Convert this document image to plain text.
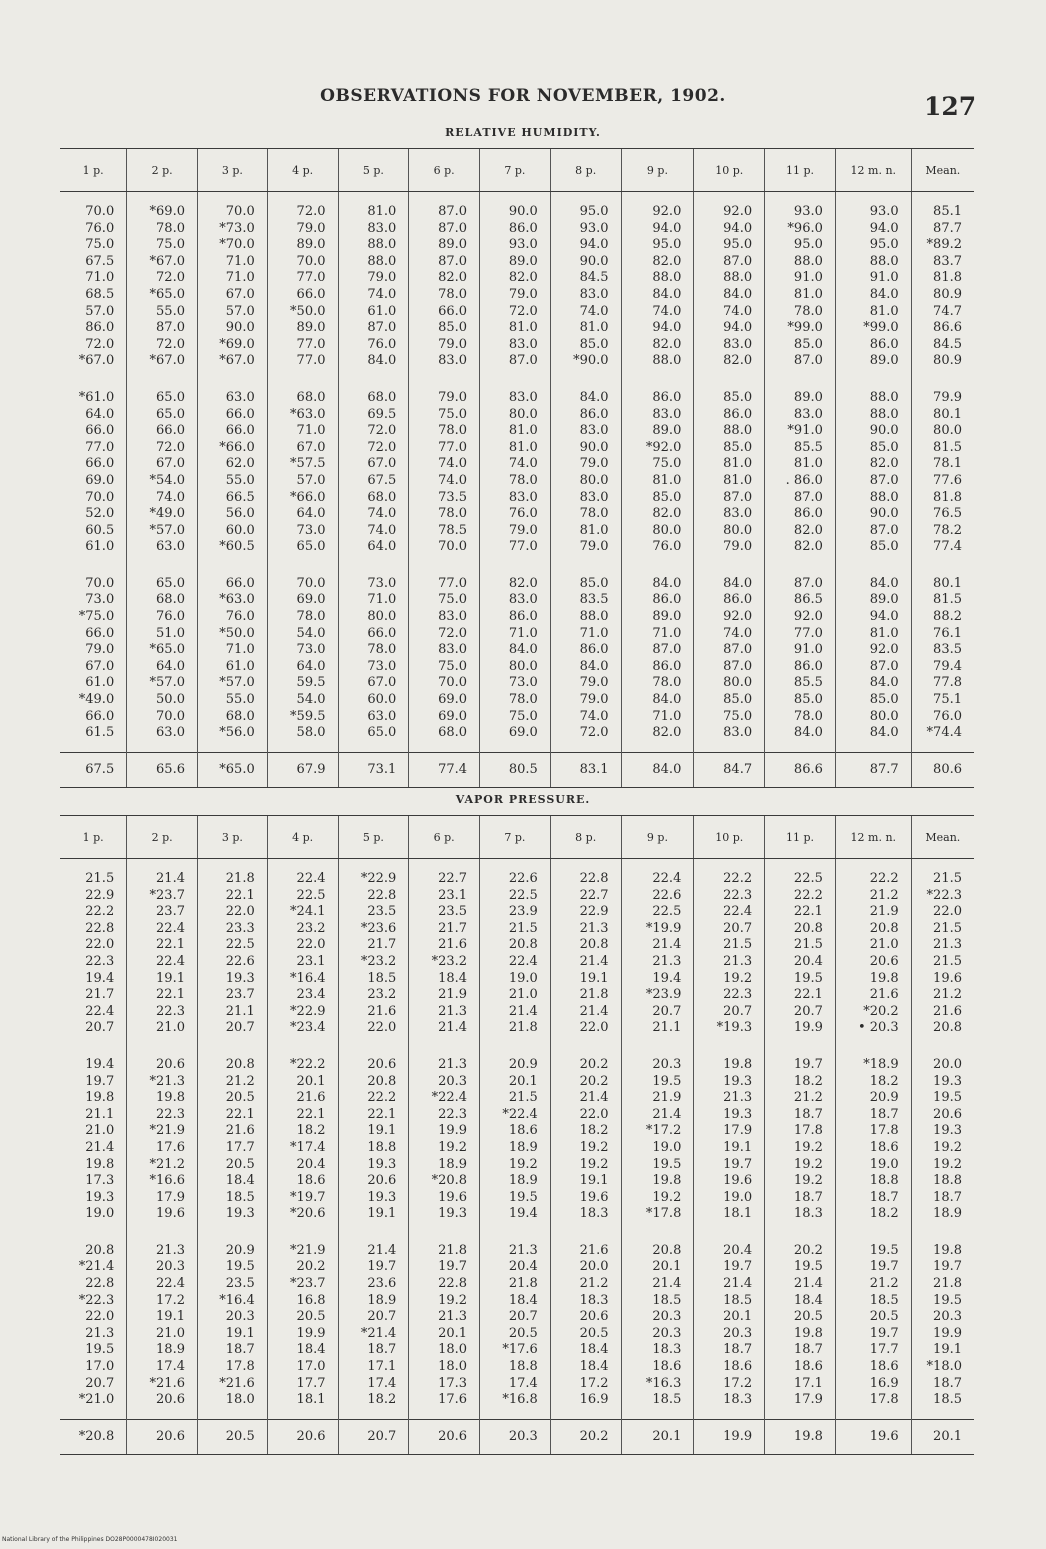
OBSERVATIONS FOR NOVEMBER, 1902.	127
RELATIVE HUMIDITY.
1 p.	2 p.	3 p.	4 p.	5 p.	6 p.	7 p.	8 p.	9 p.	10 p.	11 p.	12 m. n.	Mean.
70.0	*69.0	70.0	72.0	81.0	87.0	90.0	95.0	92.0	92.0	93.0	93.0	85.1
76.0	78.0	*73.0	79.0	83.0	87.0	86.0	93.0	94.0	94.0	*96.0	94.0	87.7
75.0	75.0	*70.0	89.0	88.0	89.0	93.0	94.0	95.0	95.0	95.0	95.0	*89.2
67.5	*67.0	71.0	70.0	88.0	87.0	89.0	90.0	82.0	87.0	88.0	88.0	83.7
71.0	72.0	71.0	77.0	79.0	82.0	82.0	84.5	88.0	88.0	91.0	91.0	81.8
68.5	*65.0	67.0	66.0	74.0	78.0	79.0	83.0	84.0	84.0	81.0	84.0	80.9
57.0	55.0	57.0	*50.0	61.0	66.0	72.0	74.0	74.0	74.0	78.0	81.0	74.7
86.0	87.0	90.0	89.0	87.0	85.0	81.0	81.0	94.0	94.0	*99.0	*99.0	86.6
72.0	72.0	*69.0	77.0	76.0	79.0	83.0	85.0	82.0	83.0	85.0	86.0	84.5
*67.0	*67.0	*67.0	77.0	84.0	83.0	87.0	*90.0	88.0	82.0	87.0	89.0	80.9

*61.0	65.0	63.0	68.0	68.0	79.0	83.0	84.0	86.0	85.0	89.0	88.0	79.9
64.0	65.0	66.0	*63.0	69.5	75.0	80.0	86.0	83.0	86.0	83.0	88.0	80.1
66.0	66.0	66.0	71.0	72.0	78.0	81.0	83.0	89.0	88.0	*91.0	90.0	80.0
77.0	72.0	*66.0	67.0	72.0	77.0	81.0	90.0	*92.0	85.0	85.5	85.0	81.5
66.0	67.0	62.0	*57.5	67.0	74.0	74.0	79.0	75.0	81.0	81.0	82.0	78.1
69.0	*54.0	55.0	57.0	67.5	74.0	78.0	80.0	81.0	81.0	. 86.0	87.0	77.6
70.0	74.0	66.5	*66.0	68.0	73.5	83.0	83.0	85.0	87.0	87.0	88.0	81.8
52.0	*49.0	56.0	64.0	74.0	78.0	76.0	78.0	82.0	83.0	86.0	90.0	76.5
60.5	*57.0	60.0	73.0	74.0	78.5	79.0	81.0	80.0	80.0	82.0	87.0	78.2
61.0	63.0	*60.5	65.0	64.0	70.0	77.0	79.0	76.0	79.0	82.0	85.0	77.4

70.0	65.0	66.0	70.0	73.0	77.0	82.0	85.0	84.0	84.0	87.0	84.0	80.1
73.0	68.0	*63.0	69.0	71.0	75.0	83.0	83.5	86.0	86.0	86.5	89.0	81.5
*75.0	76.0	76.0	78.0	80.0	83.0	86.0	88.0	89.0	92.0	92.0	94.0	88.2
66.0	51.0	*50.0	54.0	66.0	72.0	71.0	71.0	71.0	74.0	77.0	81.0	76.1
79.0	*65.0	71.0	73.0	78.0	83.0	84.0	86.0	87.0	87.0	91.0	92.0	83.5
67.0	64.0	61.0	64.0	73.0	75.0	80.0	84.0	86.0	87.0	86.0	87.0	79.4
61.0	*57.0	*57.0	59.5	67.0	70.0	73.0	79.0	78.0	80.0	85.5	84.0	77.8
*49.0	50.0	55.0	54.0	60.0	69.0	78.0	79.0	84.0	85.0	85.0	85.0	75.1
66.0	70.0	68.0	*59.5	63.0	69.0	75.0	74.0	71.0	75.0	78.0	80.0	76.0
61.5	63.0	*56.0	58.0	65.0	68.0	69.0	72.0	82.0	83.0	84.0	84.0	*74.4
67.5	65.6	*65.0	67.9	73.1	77.4	80.5	83.1	84.0	84.7	86.6	87.7	80.6
VAPOR PRESSURE.
1 p.	2 p.	3 p.	4 p.	5 p.	6 p.	7 p.	8 p.	9 p.	10 p.	11 p.	12 m. n.	Mean.
21.5	21.4	21.8	22.4	*22.9	22.7	22.6	22.8	22.4	22.2	22.5	22.2	21.5
22.9	*23.7	22.1	22.5	22.8	23.1	22.5	22.7	22.6	22.3	22.2	21.2	*22.3
22.2	23.7	22.0	*24.1	23.5	23.5	23.9	22.9	22.5	22.4	22.1	21.9	22.0
22.8	22.4	23.3	23.2	*23.6	21.7	21.5	21.3	*19.9	20.7	20.8	20.8	21.5
22.0	22.1	22.5	22.0	21.7	21.6	20.8	20.8	21.4	21.5	21.5	21.0	21.3
22.3	22.4	22.6	23.1	*23.2	*23.2	22.4	21.4	21.3	21.3	20.4	20.6	21.5
19.4	19.1	19.3	*16.4	18.5	18.4	19.0	19.1	19.4	19.2	19.5	19.8	19.6
21.7	22.1	23.7	23.4	23.2	21.9	21.0	21.8	*23.9	22.3	22.1	21.6	21.2
22.4	22.3	21.1	*22.9	21.6	21.3	21.4	21.4	20.7	20.7	20.7	*20.2	21.6
20.7	21.0	20.7	*23.4	22.0	21.4	21.8	22.0	21.1	*19.3	19.9	• 20.3	20.8

19.4	20.6	20.8	*22.2	20.6	21.3	20.9	20.2	20.3	19.8	19.7	*18.9	20.0
19.7	*21.3	21.2	20.1	20.8	20.3	20.1	20.2	19.5	19.3	18.2	18.2	19.3
19.8	19.8	20.5	21.6	22.2	*22.4	21.5	21.4	21.9	21.3	21.2	20.9	19.5
21.1	22.3	22.1	22.1	22.1	22.3	*22.4	22.0	21.4	19.3	18.7	18.7	20.6
21.0	*21.9	21.6	18.2	19.1	19.9	18.6	18.2	*17.2	17.9	17.8	17.8	19.3
21.4	17.6	17.7	*17.4	18.8	19.2	18.9	19.2	19.0	19.1	19.2	18.6	19.2
19.8	*21.2	20.5	20.4	19.3	18.9	19.2	19.2	19.5	19.7	19.2	19.0	19.2
17.3	*16.6	18.4	18.6	20.6	*20.8	18.9	19.1	19.8	19.6	19.2	18.8	18.8
19.3	17.9	18.5	*19.7	19.3	19.6	19.5	19.6	19.2	19.0	18.7	18.7	18.7
19.0	19.6	19.3	*20.6	19.1	19.3	19.4	18.3	*17.8	18.1	18.3	18.2	18.9

20.8	21.3	20.9	*21.9	21.4	21.8	21.3	21.6	20.8	20.4	20.2	19.5	19.8
*21.4	20.3	19.5	20.2	19.7	19.7	20.4	20.0	20.1	19.7	19.5	19.7	19.7
22.8	22.4	23.5	*23.7	23.6	22.8	21.8	21.2	21.4	21.4	21.4	21.2	21.8
*22.3	17.2	*16.4	16.8	18.9	19.2	18.4	18.3	18.5	18.5	18.4	18.5	19.5
22.0	19.1	20.3	20.5	20.7	21.3	20.7	20.6	20.3	20.1	20.5	20.5	20.3
21.3	21.0	19.1	19.9	*21.4	20.1	20.5	20.5	20.3	20.3	19.8	19.7	19.9
19.5	18.9	18.7	18.4	18.7	18.0	*17.6	18.4	18.3	18.7	18.7	17.7	19.1
17.0	17.4	17.8	17.0	17.1	18.0	18.8	18.4	18.6	18.6	18.6	18.6	*18.0
20.7	*21.6	*21.6	17.7	17.4	17.3	17.4	17.2	*16.3	17.2	17.1	16.9	18.7
*21.0	20.6	18.0	18.1	18.2	17.6	*16.8	16.9	18.5	18.3	17.9	17.8	18.5
*20.8	20.6	20.5	20.6	20.7	20.6	20.3	20.2	20.1	19.9	19.8	19.6	20.1
National Library of the Philippines DO28P0000478I020031
